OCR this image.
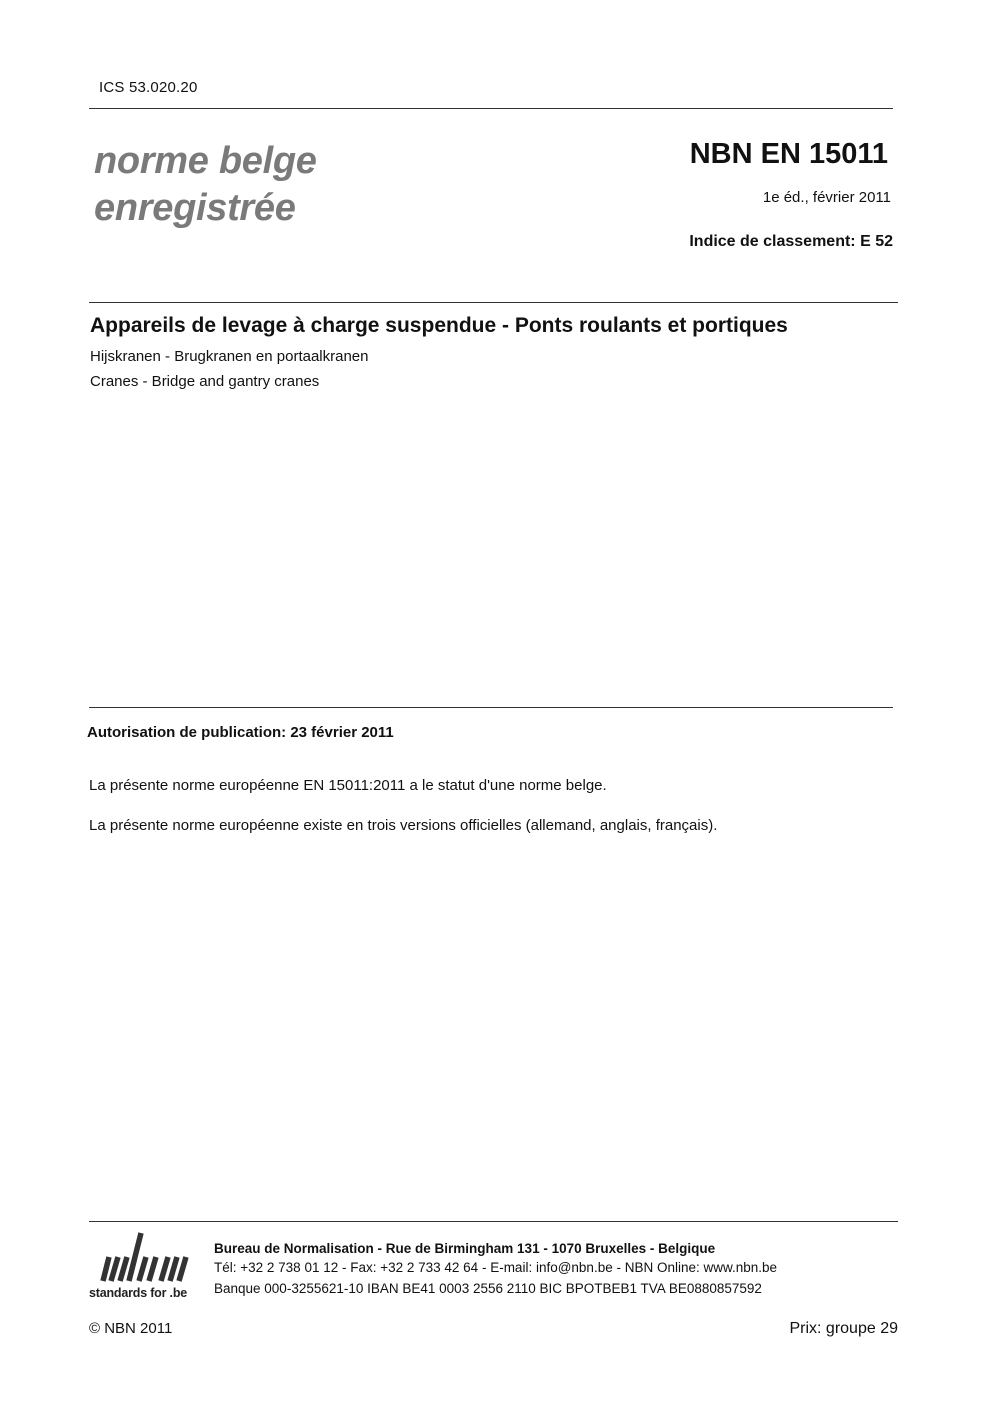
ICS 53.020.20
norme belge
enregistrée
NBN EN 15011
1e éd., février 2011
Indice de classement: E 52
Appareils de levage à charge suspendue - Ponts roulants et portiques
Hijskranen - Brugkranen en portaalkranen
Cranes - Bridge and gantry cranes
Autorisation de publication: 23 février 2011
La présente norme européenne EN 15011:2011 a le statut d'une norme belge.
La présente norme européenne existe en trois versions officielles (allemand, anglais, français).
standards for .be
Bureau de Normalisation - Rue de Birmingham 131 - 1070 Bruxelles - Belgique
Tél: +32 2 738 01 12 - Fax: +32 2 733 42 64 - E-mail: info@nbn.be - NBN Online: www.nbn.be
Banque 000-3255621-10 IBAN BE41 0003 2556 2110 BIC BPOTBEB1 TVA BE0880857592
© NBN 2011	Prix: groupe 29
